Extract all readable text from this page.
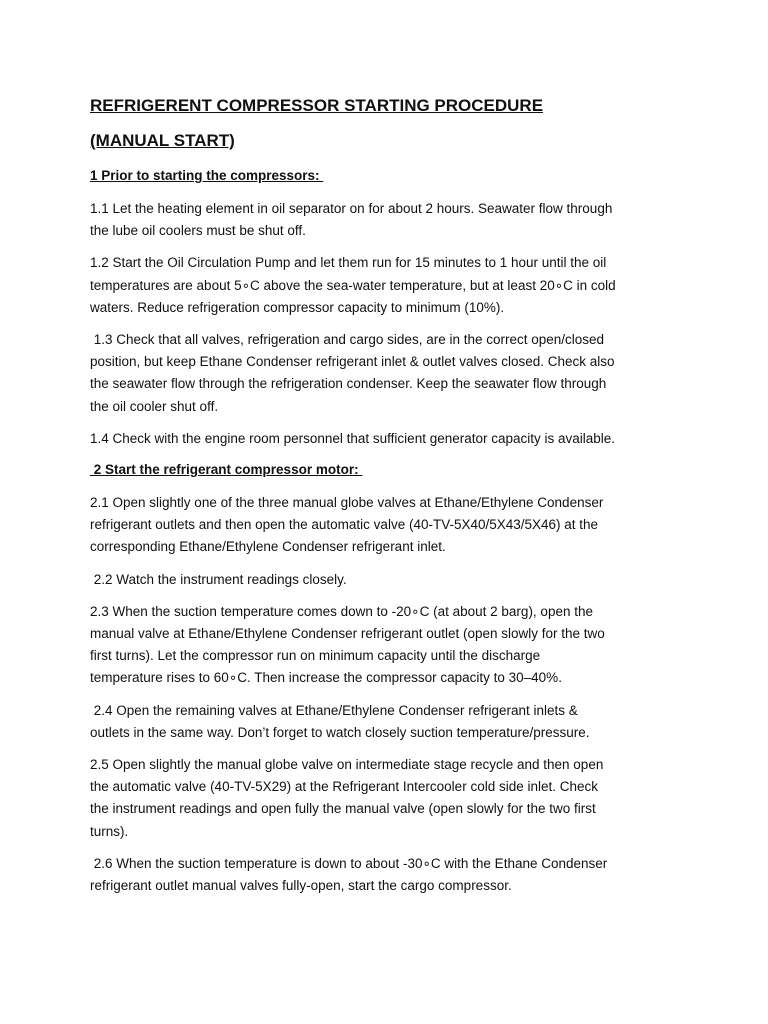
REFRIGERENT COMPRESSOR STARTING PROCEDURE
(MANUAL START)
1 Prior to starting the compressors:

1.1 Let the heating element in oil separator on for about 2 hours. Seawater flow through
the lube oil coolers must be shut off.

1.2 Start the Oil Circulation Pump and let them run for 15 minutes to 1 hour until the oil
temperatures are about 5∘C above the sea-water temperature, but at least 20∘C in cold
waters. Reduce refrigeration compressor capacity to minimum (10%).

1.3 Check that all valves, refrigeration and cargo sides, are in the correct open/closed
position, but keep Ethane Condenser refrigerant inlet & outlet valves closed. Check also
the seawater flow through the refrigeration condenser. Keep the seawater flow through
the oil cooler shut off.

1.4 Check with the engine room personnel that sufficient generator capacity is available.

2 Start the refrigerant compressor motor:

2.1 Open slightly one of the three manual globe valves at Ethane/Ethylene Condenser
refrigerant outlets and then open the automatic valve (40-TV-5X40/5X43/5X46) at the
corresponding Ethane/Ethylene Condenser refrigerant inlet.

2.2 Watch the instrument readings closely.

2.3 When the suction temperature comes down to -20∘C (at about 2 barg), open the
manual valve at Ethane/Ethylene Condenser refrigerant outlet (open slowly for the two
first turns). Let the compressor run on minimum capacity until the discharge
temperature rises to 60∘C. Then increase the compressor capacity to 30–40%.

2.4 Open the remaining valves at Ethane/Ethylene Condenser refrigerant inlets &
outlets in the same way. Don’t forget to watch closely suction temperature/pressure.

2.5 Open slightly the manual globe valve on intermediate stage recycle and then open
the automatic valve (40-TV-5X29) at the Refrigerant Intercooler cold side inlet. Check
the instrument readings and open fully the manual valve (open slowly for the two first
turns).

2.6 When the suction temperature is down to about -30∘C with the Ethane Condenser
refrigerant outlet manual valves fully-open, start the cargo compressor.
